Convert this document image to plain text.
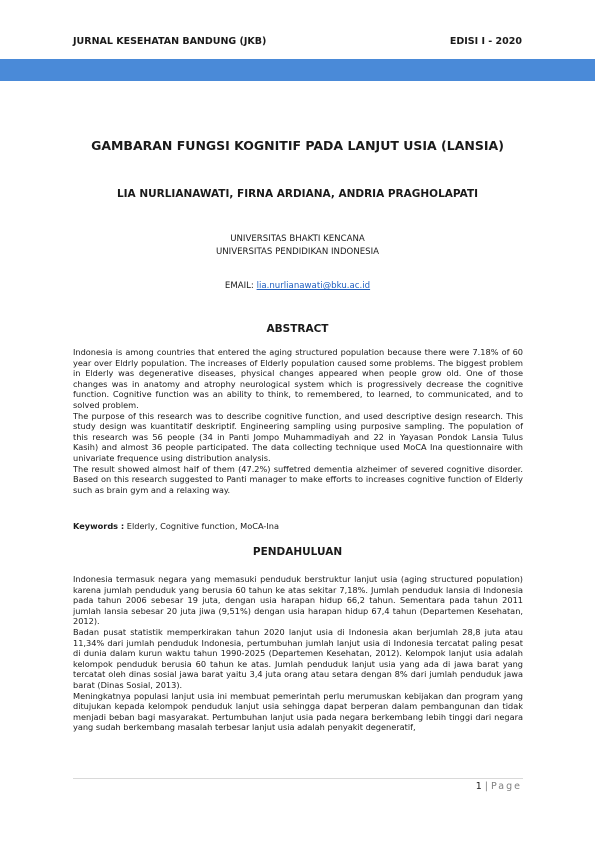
JURNAL KESEHATAN BANDUNG (JKB)	EDISI I - 2020
GAMBARAN FUNGSI KOGNITIF PADA LANJUT USIA (LANSIA)
LIA NURLIANAWATI, FIRNA ARDIANA, ANDRIA PRAGHOLAPATI
UNIVERSITAS BHAKTI KENCANA
UNIVERSITAS PENDIDIKAN INDONESIA
EMAIL: lia.nurlianawati@bku.ac.id
ABSTRACT

Indonesia is among countries that entered the aging structured population because there were 7.18% of 60 year over Eldrly population. The increases of Elderly population caused some problems. The biggest problem in Elderly was degenerative diseases, physical changes appeared when people grow old. One of those changes was in anatomy and atrophy neurological system which is progressively decrease the cognitive function. Cognitive function was an ability to think, to remembered, to learned, to communicated, and to solved problem.

The purpose of this research was to describe cognitive function, and used descriptive design research. This study design was kuantitatif deskriptif. Engineering sampling using purposive sampling. The population of this research was 56 people (34 in Panti Jompo Muhammadiyah and 22 in Yayasan Pondok Lansia Tulus Kasih) and almost 36 people participated. The data collecting technique used MoCA Ina questionnaire with univariate frequence using distribution analysis.

The result showed almost half of them (47.2%) suffetred dementia alzheimer of severed cognitive disorder. Based on this research suggested to Panti manager to make efforts to increases cognitive function of Elderly such as brain gym and a relaxing way.

Keywords : Elderly, Cognitive function, MoCA-Ina
PENDAHULUAN

Indonesia termasuk negara yang memasuki penduduk berstruktur lanjut usia (aging structured population) karena jumlah penduduk yang berusia 60 tahun ke atas sekitar 7,18%. Jumlah penduduk lansia di Indonesia pada tahun 2006 sebesar 19 juta, dengan usia harapan hidup 66,2 tahun. Sementara pada tahun 2011 jumlah lansia sebesar 20 juta jiwa (9,51%) dengan usia harapan hidup 67,4 tahun (Departemen Kesehatan, 2012).

Badan pusat statistik memperkirakan tahun 2020 lanjut usia di Indonesia akan berjumlah 28,8 juta atau 11,34% dari jumlah penduduk Indonesia, pertumbuhan jumlah lanjut usia di Indonesia tercatat paling pesat di dunia dalam kurun waktu tahun 1990-2025 (Departemen Kesehatan, 2012). Kelompok lanjut usia adalah kelompok penduduk berusia 60 tahun ke atas. Jumlah penduduk lanjut usia yang ada di jawa barat yang tercatat oleh dinas sosial jawa barat yaitu 3,4 juta orang atau setara dengan 8% dari jumlah penduduk jawa barat (Dinas Sosial, 2013).

Meningkatnya populasi lanjut usia ini membuat pemerintah perlu merumuskan kebijakan dan program yang ditujukan kepada kelompok penduduk lanjut usia sehingga dapat berperan dalam pembangunan dan tidak menjadi beban bagi masyarakat. Pertumbuhan lanjut usia pada negara berkembang lebih tinggi dari negara yang sudah berkembang masalah terbesar lanjut usia adalah penyakit degeneratif,

1 | Page
